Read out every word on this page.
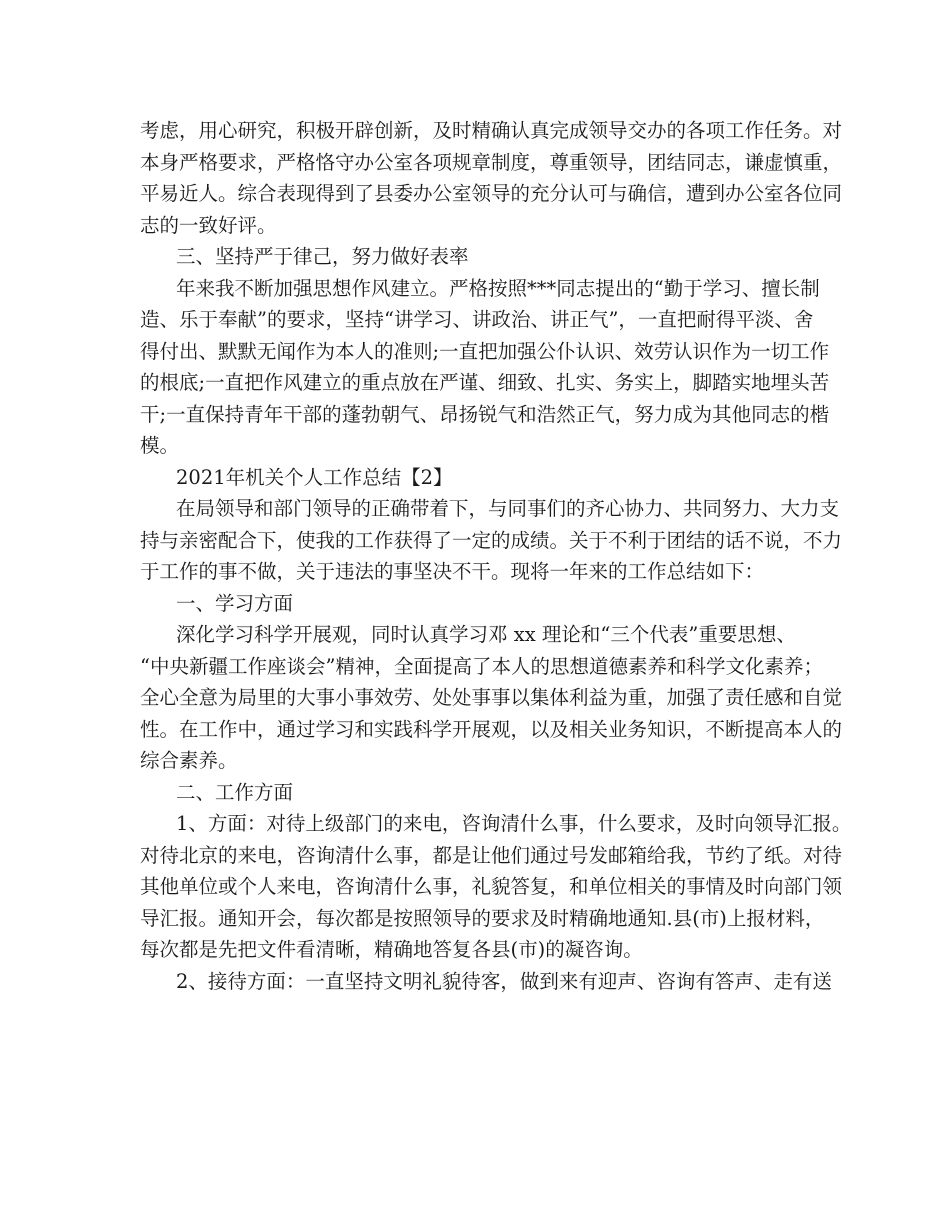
考虑，用心研究，积极开辟创新，及时精确认真完成领导交办的各项工作任务。对
本身严格要求，严格恪守办公室各项规章制度，尊重领导，团结同志，谦虚慎重，
平易近人。综合表现得到了县委办公室领导的充分认可与确信，遭到办公室各位同
志的一致好评。
三、坚持严于律己，努力做好表率
年来我不断加强思想作风建立。严格按照***同志提出的“勤于学习、擅长制
造、乐于奉献”的要求，坚持“讲学习、讲政治、讲正气”，一直把耐得平淡、舍
得付出、默默无闻作为本人的准则;一直把加强公仆认识、效劳认识作为一切工作
的根底;一直把作风建立的重点放在严谨、细致、扎实、务实上，脚踏实地埋头苦
干;一直保持青年干部的蓬勃朝气、昂扬锐气和浩然正气，努力成为其他同志的楷
模。
2021年机关个人工作总结【2】
在局领导和部门领导的正确带着下，与同事们的齐心协力、共同努力、大力支
持与亲密配合下，使我的工作获得了一定的成绩。关于不利于团结的话不说，不力
于工作的事不做，关于违法的事坚决不干。现将一年来的工作总结如下：
一、学习方面
深化学习科学开展观，同时认真学习邓 xx 理论和“三个代表”重要思想、
“中央新疆工作座谈会”精神，全面提高了本人的思想道德素养和科学文化素养；
全心全意为局里的大事小事效劳、处处事事以集体利益为重，加强了责任感和自觉
性。在工作中，通过学习和实践科学开展观，以及相关业务知识，不断提高本人的
综合素养。
二、工作方面
1、方面：对待上级部门的来电，咨询清什么事，什么要求，及时向领导汇报。
对待北京的来电，咨询清什么事，都是让他们通过号发邮箱给我，节约了纸。对待
其他单位或个人来电，咨询清什么事，礼貌答复，和单位相关的事情及时向部门领
导汇报。通知开会，每次都是按照领导的要求及时精确地通知.县(市)上报材料，
每次都是先把文件看清晰，精确地答复各县(市)的凝咨询。
2、接待方面：一直坚持文明礼貌待客，做到来有迎声、咨询有答声、走有送
